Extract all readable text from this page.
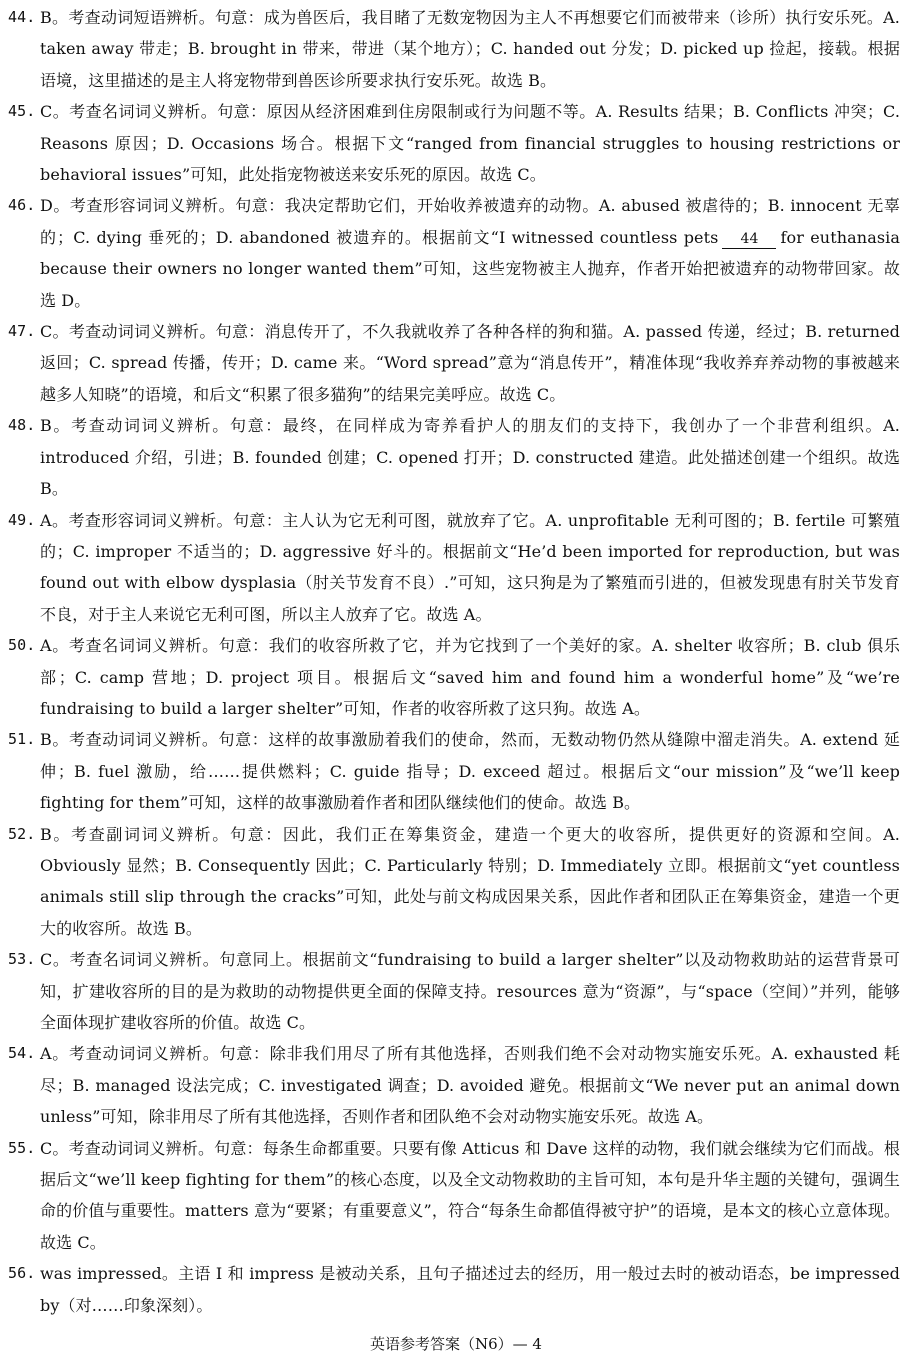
44. B。考查动词短语辨析。句意：成为兽医后，我目睹了无数宠物因为主人不再想要它们而被带来（诊所）执行安乐死。A. taken away 带走；B. brought in 带来，带进（某个地方）；C. handed out 分发；D. picked up 捡起，接载。根据语境，这里描述的是主人将宠物带到兽医诊所要求执行安乐死。故选 B。
45. C。考查名词词义辨析。句意：原因从经济困难到住房限制或行为问题不等。A. Results 结果；B. Conflicts 冲突；C. Reasons 原因；D. Occasions 场合。根据下文“ranged from financial struggles to housing restrictions or behavioral issues”可知，此处指宠物被送来安乐死的原因。故选 C。
46. D。考查形容词词义辨析。句意：我决定帮助它们，开始收养被遗弃的动物。A. abused 被虐待的；B. innocent 无辜的；C. dying 垂死的；D. abandoned 被遗弃的。根据前文“I witnessed countless pets 44 for euthanasia because their owners no longer wanted them”可知，这些宠物被主人抛弃，作者开始把被遗弃的动物带回家。故选 D。
47. C。考查动词词义辨析。句意：消息传开了，不久我就收养了各种各样的狗和猫。A. passed 传递，经过；B. returned 返回；C. spread 传播，传开；D. came 来。“Word spread”意为“消息传开”，精准体现“我收养弃养动物的事被越来越多人知晓”的语境，和后文“积累了很多猫狗”的结果完美呼应。故选 C。
48. B。考查动词词义辨析。句意：最终，在同样成为寄养看护人的朋友们的支持下，我创办了一个非营利组织。A. introduced 介绍，引进；B. founded 创建；C. opened 打开；D. constructed 建造。此处描述创建一个组织。故选 B。
49. A。考查形容词词义辨析。句意：主人认为它无利可图，就放弃了它。A. unprofitable 无利可图的；B. fertile 可繁殖的；C. improper 不适当的；D. aggressive 好斗的。根据前文“He’d been imported for reproduction, but was found out with elbow dysplasia（肘关节发育不良）.”可知，这只狗是为了繁殖而引进的，但被发现患有肘关节发育不良，对于主人来说它无利可图，所以主人放弃了它。故选 A。
50. A。考查名词词义辨析。句意：我们的收容所救了它，并为它找到了一个美好的家。A. shelter 收容所；B. club 俱乐部；C. camp 营地；D. project 项目。根据后文“saved him and found him a wonderful home”及“we’re fundraising to build a larger shelter”可知，作者的收容所救了这只狗。故选 A。
51. B。考查动词词义辨析。句意：这样的故事激励着我们的使命，然而，无数动物仍然从缝隙中溜走消失。A. extend 延伸；B. fuel 激励，给……提供燃料；C. guide 指导；D. exceed 超过。根据后文“our mission”及“we’ll keep fighting for them”可知，这样的故事激励着作者和团队继续他们的使命。故选 B。
52. B。考查副词词义辨析。句意：因此，我们正在筹集资金，建造一个更大的收容所，提供更好的资源和空间。A. Obviously 显然；B. Consequently 因此；C. Particularly 特别；D. Immediately 立即。根据前文“yet countless animals still slip through the cracks”可知，此处与前文构成因果关系，因此作者和团队正在筹集资金，建造一个更大的收容所。故选 B。
53. C。考查名词词义辨析。句意同上。根据前文“fundraising to build a larger shelter”以及动物救助站的运营背景可知，扩建收容所的目的是为救助的动物提供更全面的保障支持。resources 意为“资源”，与“space（空间）”并列，能够全面体现扩建收容所的价值。故选 C。
54. A。考查动词词义辨析。句意：除非我们用尽了所有其他选择，否则我们绝不会对动物实施安乐死。A. exhausted 耗尽；B. managed 设法完成；C. investigated 调查；D. avoided 避免。根据前文“We never put an animal down unless”可知，除非用尽了所有其他选择，否则作者和团队绝不会对动物实施安乐死。故选 A。
55. C。考查动词词义辨析。句意：每条生命都重要。只要有像 Atticus 和 Dave 这样的动物，我们就会继续为它们而战。根据后文“we’ll keep fighting for them”的核心态度，以及全文动物救助的主旨可知，本句是升华主题的关键句，强调生命的价值与重要性。matters 意为“要紧；有重要意义”，符合“每条生命都值得被守护”的语境，是本文的核心立意体现。故选 C。
56. was impressed。主语 I 和 impress 是被动关系，且句子描述过去的经历，用一般过去时的被动语态，be impressed by（对……印象深刻）。
英语参考答案（N6）— 4
